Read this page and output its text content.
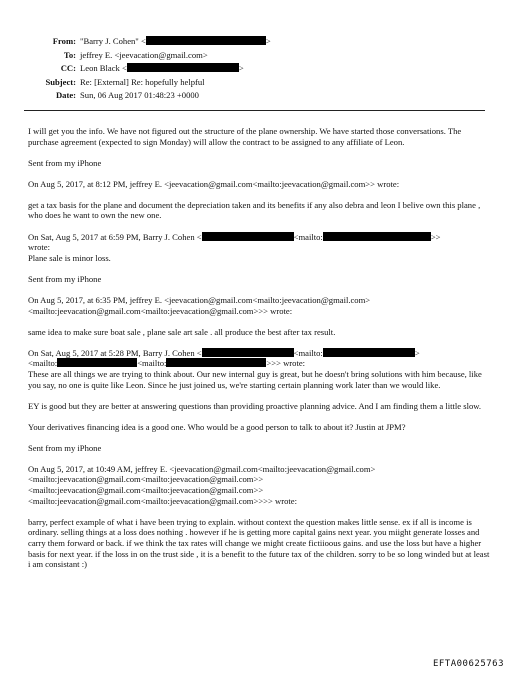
From: "Barry J. Cohen" <	>
To: jeffrey E. <jeevacation@gmail.com>
CC: Leon Black <	>
Subject: Re: [External] Re: hopefully helpful
Date: Sun, 06 Aug 2017 01:48:23 +0000

I will get you the info. We have not figured out the structure of the plane ownership. We have started those conversations. The purchase agreement (expected to sign Monday) will allow the contract to be assigned to any affiliate of Leon.

Sent from my iPhone

On Aug 5, 2017, at 8:12 PM, jeffrey E. <jeevacation@gmail.com<mailto:jeevacation@gmail.com>> wrote:

get a tax basis for the plane and document the depreciation taken and its benefits if any also debra and leon I belive own this plane , who does he want to own the new one.

On Sat, Aug 5, 2017 at 6:59 PM, Barry J. Cohen <	<mailto:	>>
wrote:

Plane sale is minor loss.

Sent from my iPhone

On Aug 5, 2017, at 6:35 PM, jeffrey E. <jeevacation@gmail.com<mailto:jeevacation@gmail.com>

<mailto:jeevacation@gmail.com<mailto:jeevacation@gmail.com>>> wrote:

same idea to make sure boat sale , plane sale art sale . all produce the best after tax result.

On Sat, Aug 5, 2017 at 5:28 PM, Barry J. Cohen <	<mailto:	>
<mailto:	<mailto:	>>> wrote:

These are all things we are trying to think about. Our new internal guy is great, but he doesn't bring solutions with him because, like you say, no one is quite like Leon. Since he just joined us, we're starting certain planning work later than we would like.

EY is good but they are better at answering questions than providing proactive planning advice. And I am finding them a little slow.

Your derivatives financing idea is a good one. Who would be a good person to talk to about it? Justin at JPM?

Sent from my iPhone

On Aug 5, 2017, at 10:49 AM, jeffrey E. <jeevacation@gmail.com<mailto:jeevacation@gmail.com>
<mailto:jeevacation@gmail.com<mailto:jeevacation@gmail.com>>
<mailto:jeevacation@gmail.com<mailto:jeevacation@gmail.com>>

<mailto:jeevacation@gmail.com<mailto:jeevacation@gmail.com>>>> wrote:

barry, perfect example of what i have been trying to explain. without context the question makes little sense. ex if all is income is ordinary. selling things at a loss does nothing . however if he is getting more capital gains next year. you miight generate losses and carry them forward or back. if we think the tax rates will change we might create fictiioous gains. and use the loss but have a higher basis for next year. if the loss in on the trust side , it is a benefit to the future tax of the children. sorry to be so long winded but at least i am consistant :)

EFTA00625763
